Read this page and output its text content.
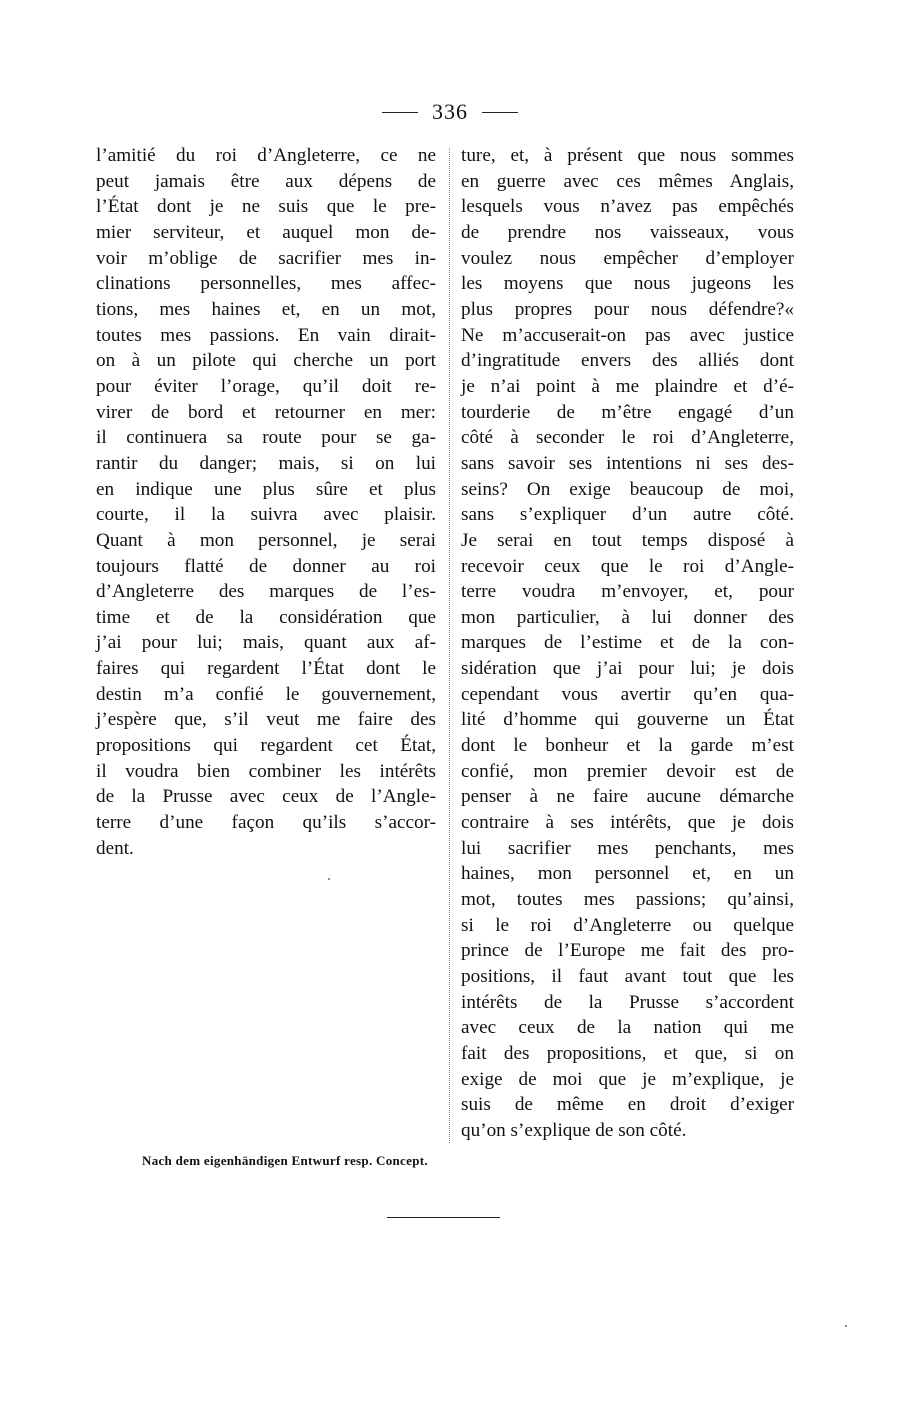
336
l’amitié du roi d’Angleterre, ce ne
peut jamais être aux dépens de
l’État dont je ne suis que le pre-
mier serviteur, et auquel mon de-
voir m’oblige de sacrifier mes in-
clinations personnelles, mes affec-
tions, mes haines et, en un mot,
toutes mes passions. En vain dirait-
on à un pilote qui cherche un port
pour éviter l’orage, qu’il doit re-
virer de bord et retourner en mer:
il continuera sa route pour se ga-
rantir du danger; mais, si on lui
en indique une plus sûre et plus
courte, il la suivra avec plaisir.
Quant à mon personnel, je serai
toujours flatté de donner au roi
d’Angleterre des marques de l’es-
time et de la considération que
j’ai pour lui; mais, quant aux af-
faires qui regardent l’État dont le
destin m’a confié le gouvernement,
j’espère que, s’il veut me faire des
propositions qui regardent cet État,
il voudra bien combiner les intérêts
de la Prusse avec ceux de l’Angle-
terre d’une façon qu’ils s’accor-
dent.
ture, et, à présent que nous sommes
en guerre avec ces mêmes Anglais,
lesquels vous n’avez pas empêchés
de prendre nos vaisseaux, vous
voulez nous empêcher d’employer
les moyens que nous jugeons les
plus propres pour nous défendre?«
Ne m’accuserait-on pas avec justice
d’ingratitude envers des alliés dont
je n’ai point à me plaindre et d’é-
tourderie de m’être engagé d’un
côté à seconder le roi d’Angleterre,
sans savoir ses intentions ni ses des-
seins? On exige beaucoup de moi,
sans s’expliquer d’un autre côté.
Je serai en tout temps disposé à
recevoir ceux que le roi d’Angle-
terre voudra m’envoyer, et, pour
mon particulier, à lui donner des
marques de l’estime et de la con-
sidération que j’ai pour lui; je dois
cependant vous avertir qu’en qua-
lité d’homme qui gouverne un État
dont le bonheur et la garde m’est
confié, mon premier devoir est de
penser à ne faire aucune démarche
contraire à ses intérêts, que je dois
lui sacrifier mes penchants, mes
haines, mon personnel et, en un
mot, toutes mes passions; qu’ainsi,
si le roi d’Angleterre ou quelque
prince de l’Europe me fait des pro-
positions, il faut avant tout que les
intérêts de la Prusse s’accordent
avec ceux de la nation qui me
fait des propositions, et que, si on
exige de moi que je m’explique, je
suis de même en droit d’exiger
qu’on s’explique de son côté.
Nach dem eigenhändigen Entwurf resp. Concept.
